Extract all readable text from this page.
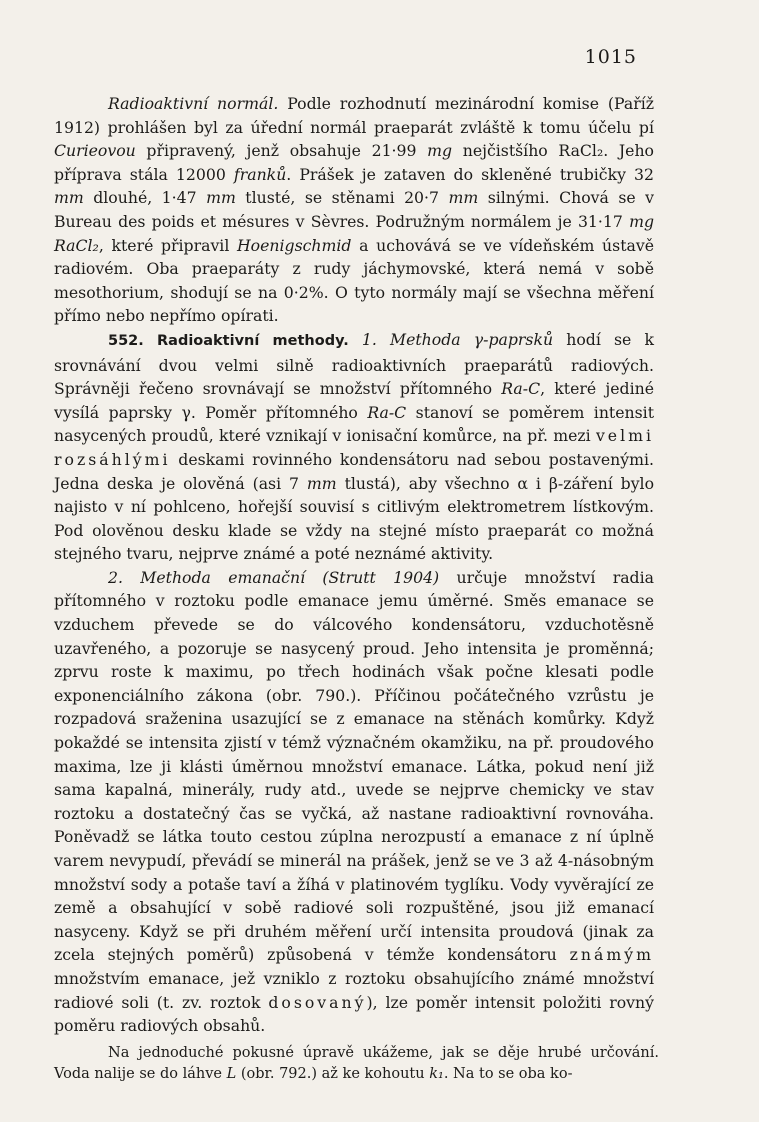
1015

Radioaktivní normál. Podle rozhodnutí mezinárodní komise (Paříž 1912) prohlášen byl za úřední normál praeparát zvláště k tomu účelu pí Curieovou připravený, jenž obsahuje 21·99 mg nejčistšího RaCl₂. Jeho příprava stála 12000 franků. Prášek je zataven do skleněné trubičky 32 mm dlouhé, 1·47 mm tlusté, se stěnami 20·7 mm silnými. Chová se v Bureau des poids et mésures v Sèvres. Podružným normálem je 31·17 mg RaCl₂, které připravil Hoenigschmid a uchovává se ve vídeňském ústavě radiovém. Oba praeparáty z rudy jáchymovské, která nemá v sobě mesothorium, shodují se na 0·2%. O tyto normály mají se všechna měření přímo nebo nepřímo opírati.

552. Radioaktivní methody. 1. Methoda γ-paprsků hodí se k srovnávání dvou velmi silně radioaktivních praeparátů radiových. Správněji řečeno srovnávají se množství přítomného Ra-C, které jediné vysílá paprsky γ. Poměr přítomného Ra-C stanoví se poměrem intensit nasycených proudů, které vznikají v ionisační komůrce, na př. mezi velmi rozsáhlými deskami rovinného kondensátoru nad sebou postavenými. Jedna deska je olověná (asi 7 mm tlustá), aby všechno α i β-záření bylo najisto v ní pohlceno, hořejší souvisí s citlivým elektrometrem lístkovým. Pod olověnou desku klade se vždy na stejné místo praeparát co možná stejného tvaru, nejprve známé a poté neznámé aktivity.

2. Methoda emanační (Strutt 1904) určuje množství radia přítomného v roztoku podle emanace jemu úměrné. Směs emanace se vzduchem převede se do válcového kondensátoru, vzduchotěsně uzavřeného, a pozoruje se nasycený proud. Jeho intensita je proměnná; zprvu roste k maximu, po třech hodinách však počne klesati podle exponenciálního zákona (obr. 790.). Příčinou počátečného vzrůstu je rozpadová sraženina usazující se z emanace na stěnách komůrky. Když pokaždé se intensita zjistí v témž význačném okamžiku, na př. proudového maxima, lze ji klásti úměrnou množství emanace. Látka, pokud není již sama kapalná, minerály, rudy atd., uvede se nejprve chemicky ve stav roztoku a dostatečný čas se vyčká, až nastane radioaktivní rovnováha. Poněvadž se látka touto cestou zúplna nerozpustí a emanace z ní úplně varem nevypudí, převádí se minerál na prášek, jenž se ve 3 až 4-násobným množství sody a potaše taví a žíhá v platinovém tyglíku. Vody vyvěrající ze země a obsahující v sobě radiové soli rozpuštěné, jsou již emanací nasyceny. Když se při druhém měření určí intensita proudová (jinak za zcela stejných poměrů) způsobená v témže kondensátoru známým množstvím emanace, jež vzniklo z roztoku obsahujícího známé množství radiové soli (t. zv. roztok dosovaný), lze poměr intensit položiti rovný poměru radiových obsahů.

Na jednoduché pokusné úpravě ukážeme, jak se děje hrubé určování. Voda nalije se do láhve L (obr. 792.) až ke kohoutu k₁. Na to se oba ko-
